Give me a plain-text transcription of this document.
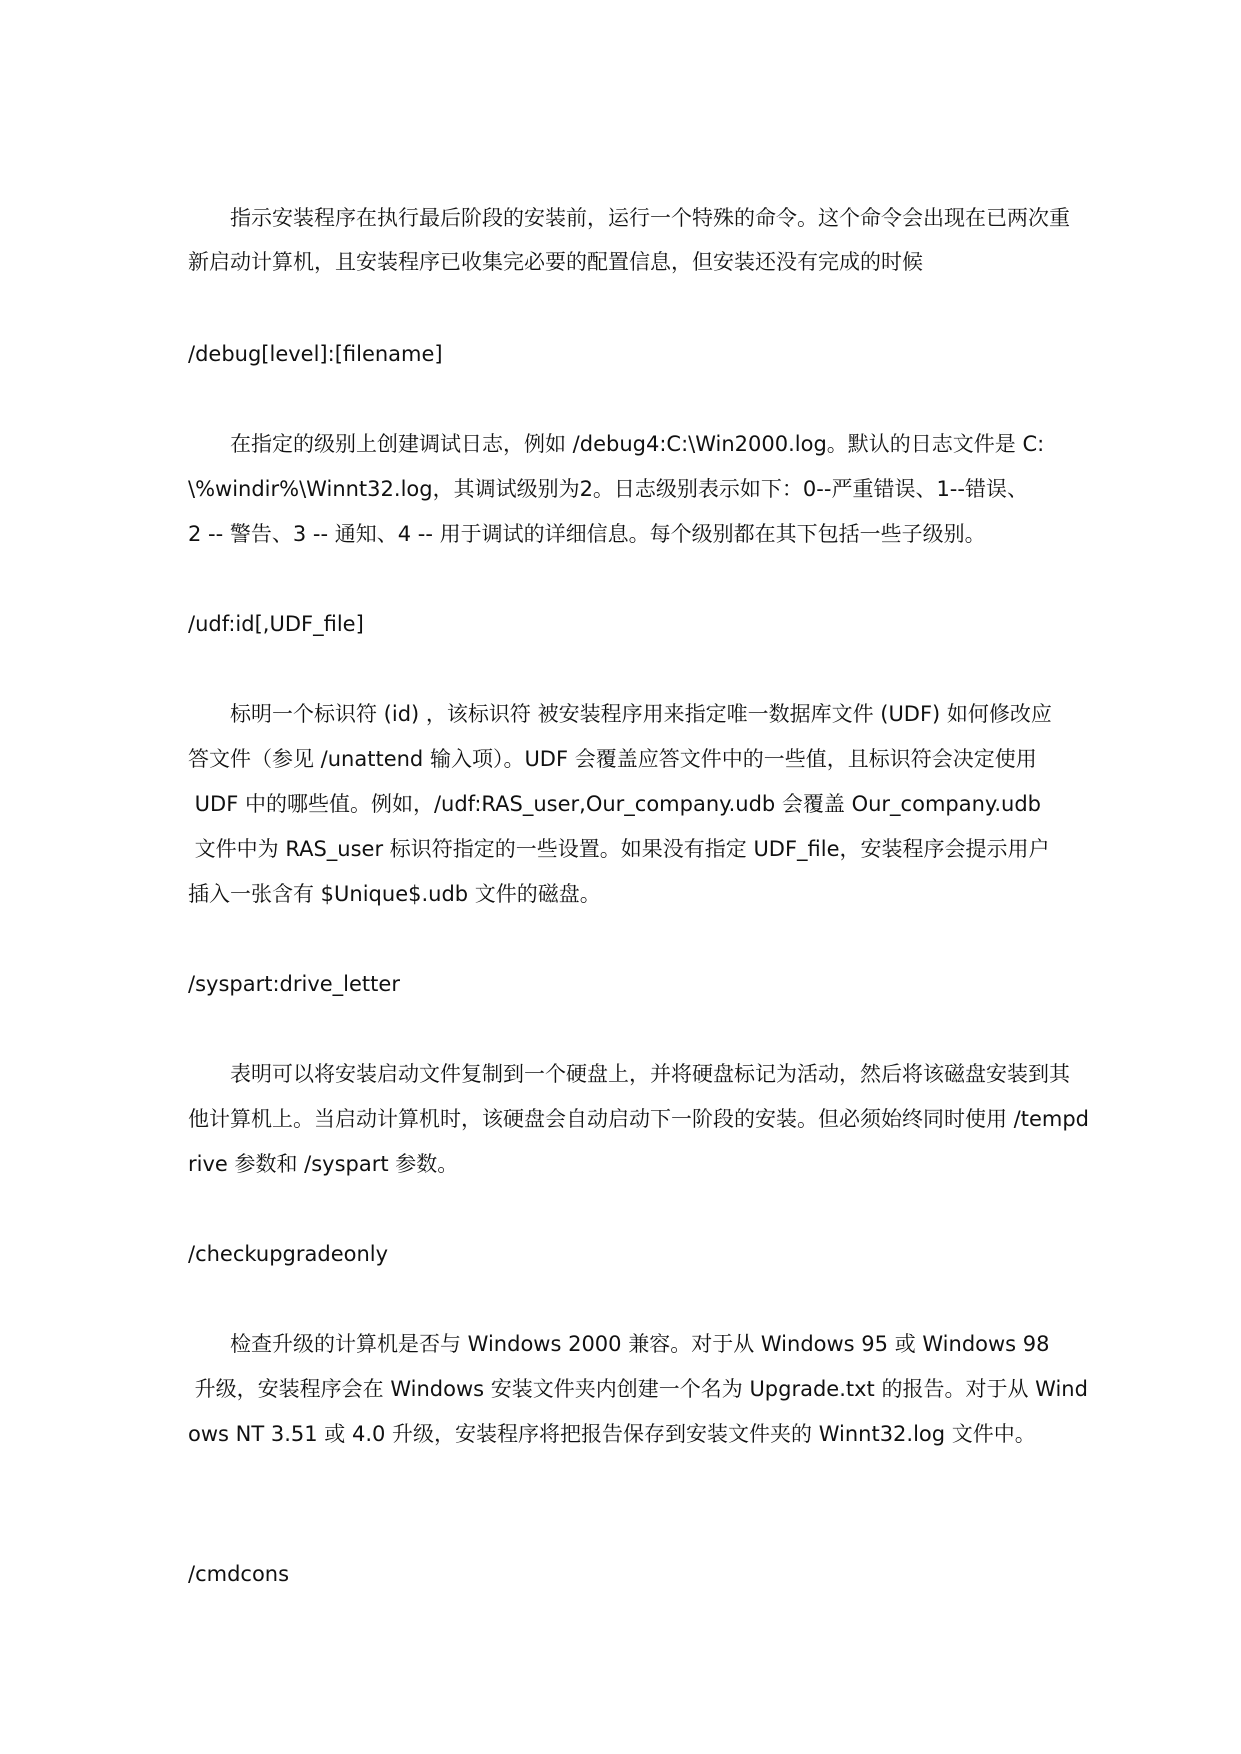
指示安装程序在执行最后阶段的安装前，运行一个特殊的命令。这个命令会出现在已两次重

新启动计算机，且安装程序已收集完必要的配置信息，但安装还没有完成的时候

/debug[level]:[filename]

在指定的级别上创建调试日志，例如 /debug4:C:\Win2000.log。默认的日志文件是 C:

\%windir%\Winnt32.log，其调试级别为2。日志级别表示如下：0--严重错误、1--错误、

2 -- 警告、3 -- 通知、4 -- 用于调试的详细信息。每个级别都在其下包括一些子级别。

/udf:id[,UDF_file]

标明一个标识符 (id) ，该标识符 被安装程序用来指定唯一数据库文件 (UDF) 如何修改应

答文件（参见 /unattend 输入项）。UDF 会覆盖应答文件中的一些值，且标识符会决定使用

UDF 中的哪些值。例如，/udf:RAS_user,Our_company.udb 会覆盖 Our_company.udb

文件中为 RAS_user 标识符指定的一些设置。如果没有指定 UDF_file，安装程序会提示用户

插入一张含有 $Unique$.udb 文件的磁盘。

/syspart:drive_letter

表明可以将安装启动文件复制到一个硬盘上，并将硬盘标记为活动，然后将该磁盘安装到其

他计算机上。当启动计算机时，该硬盘会自动启动下一阶段的安装。但必须始终同时使用 /tempd

rive 参数和 /syspart 参数。

/checkupgradeonly

检查升级的计算机是否与 Windows 2000 兼容。对于从 Windows 95 或 Windows 98

升级，安装程序会在 Windows 安装文件夹内创建一个名为 Upgrade.txt 的报告。对于从 Wind

ows NT 3.51 或 4.0 升级，安装程序将把报告保存到安装文件夹的 Winnt32.log 文件中。

/cmdcons
